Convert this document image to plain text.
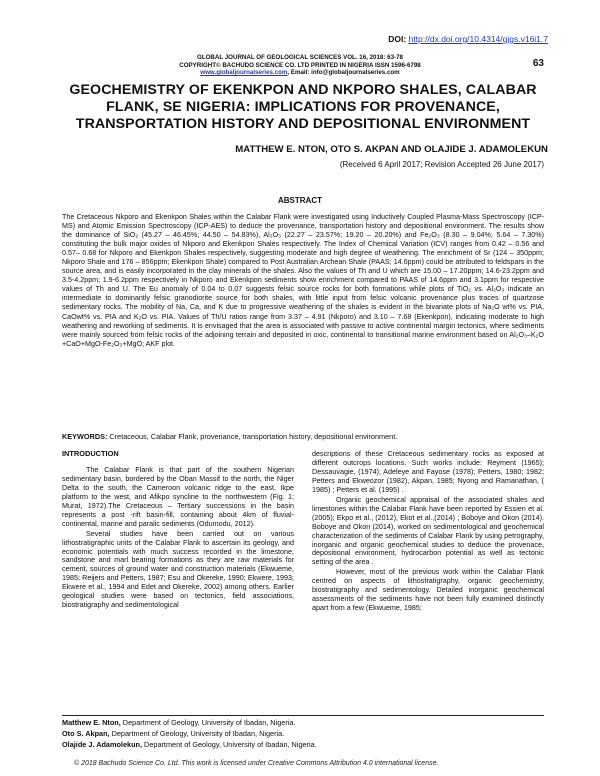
DOI: http://dx.doi.org/10.4314/gjgs.v16i1.7
GLOBAL JOURNAL OF GEOLOGICAL SCIENCES VOL. 16, 2018: 63-78
COPYRIGHT© BACHUDO SCIENCE CO. LTD PRINTED IN NIGERIA ISSN 1596-6798
www.globaljournalseries.com, Email: info@globaljournalseries.com
63
GEOCHEMISTRY OF EKENKPON AND NKPORO SHALES, CALABAR FLANK, SE NIGERIA: IMPLICATIONS FOR PROVENANCE, TRANSPORTATION HISTORY AND DEPOSITIONAL ENVIRONMENT
MATTHEW E. NTON, OTO S. AKPAN AND OLAJIDE J. ADAMOLEKUN
(Received 6 April 2017; Revision Accepted 26 June 2017)
ABSTRACT

The Cretaceous Nkporo and Ekenkpon Shales within the Calabar Flank were investigated using Inductively Coupled Plasma-Mass Spectroscopy (ICP-MS) and Atomic Emission Spectroscopy (ICP-AES) to deduce the provenance, transportation history and depositional environment. The results show the dominance of SiO₂ (45.27 – 46.45%; 44.50 – 54.83%), Al₂O₃ (22.27 – 23.57%; 19.20 – 20.20%) and Fe₂O₃ (8.30 – 9.04%; 5.64 – 7.30%) constituting the bulk major oxides of Nkporo and Ekenkpon Shales respectively. The Index of Chemical Variation (ICV) ranges from 0.42 – 0.56 and 0.57– 0.68 for Nkporo and Ekenkpon Shales respectively, suggesting moderate and high degree of weathering. The enrichment of Sr (124 – 350ppm; Nkporo Shale and 176 – 856ppm; Ekenkpon Shale) compared to Post Australian Archean Shale (PAAS; 14.6ppm) could be attributed to feldspars in the source area, and is easily incorporated in the clay minerals of the shales. Also the values of Th and U which are 15.00 – 17.20ppm; 14.6-23.2ppm and 3.5-4.2ppm; 1.9-6.2ppm respectively in Nkporo and Ekenkpon sediments show enrichment compared to PAAS of 14.6ppm and 3.1ppm for respective values of Th and U. The Eu anomaly of 0.04 to 0.07 suggests felsic source rocks for both formations while plots of TiO₂ vs. Al₂O₃ indicate an intermediate to dominantly felsic granodiorite source for both shales, with little input from felsic volcanic provenance plus traces of quartzose sedimentary rocks. The mobility of Na, Ca, and K due to progressive weathering of the shales is evident in the bivariate plots of Na₂O wt% vs. PIA, CaOwt% vs. PIA and K₂O vs. PIA. Values of Th/U ratios range from 3.37 – 4.91 (Nkporo) and 3.10 – 7.68 (Ekenkpon), indicating moderate to high weathering and reworking of sediments. It is envisaged that the area is associated with passive to active continental margin tectonics, where sediments were mainly sourced from felsic rocks of the adjoining terrain and deposited in oxic, continental to transitional marine environment based on Al₂O₃–K₂O +CaO+MgO-Fe₂O₃+MgO; AKF plot.

KEYWORDS: Cretaceous, Calabar Flank, provenance, transportation history, depositional environment.
INTRODUCTION

The Calabar Flank is that part of the southern Nigerian sedimentary basin, bordered by the Oban Massif to the north, the Niger Delta to the south, the Cameroon volcanic ridge to the east, Ikpe platform to the west, and Afikpo syncline to the northwestern (Fig. 1; Murat, 1972).The Cretaceous – Tertiary successions in the basin represents a post -rift basin-fill, containing about 4km of fluvial-continental, marine and paralic sediments (Odumodu, 2012).

Several studies have been carried out on various lithostratigraphic units of the Calabar Flank to ascertain its geology, and economic potentials with much success recorded in the limestone, sandstone and marl bearing formations as they are raw materials for cement, sources of ground water and construction materials (Ekwueme, 1985; Reijers and Petters, 1987; Esu and Okereke, 1990; Ekwere, 1993; Ekwere et al., 1994 and Edet and Okereke, 2002) among others. Earlier geological studies were based on tectonics, field associations, biostratigraphy and sedimentological

descriptions of these Cretaceous sedimentary rocks as exposed at different outcrops locations. Such works include: Reyment (1965); Dessauvagie, (1974); Adeleye and Fayose (1978); Petters, 1980; 1982; Petters and Ekweozor (1982), Akpan, 1985; Nyong and Ramanathan, ( 1985) ; Petters et al. (1995) .

Organic geochemical appraisal of the associated shales and limestones within the Calabar Flank have been reported by Essien et al. (2005); Ekpo et al., (2012), Ekot et al.,(2014) ; Boboye and Okon (2014). Boboye and Okon (2014), worked on sedimentological and geochemical characterization of the sediments of Calabar Flank by using petrography, inorganic and organic geochemical studies to deduce the provenace, depositional environment, hydrocarbon potential as well as tectonic setting of the area .

However, most of the previous work within the Calabar Flank centred on aspects of lithostratigraphy, organic geochemistry, biostratigraphy and sedimentology. Detailed inorganic geochemical assessments of the sediments have not been fully examined distinctly apart from a few (Ekwueme, 1985;

Matthew E. Nton, Department of Geology, University of Ibadan, Nigeria.
Oto S. Akpan, Department of Geology, University of Ibadan, Nigeria.
Olajide J. Adamolekun, Department of Geology, University of Ibadan, Nigeria.
© 2018 Bachudo Science Co. Ltd. This work is licensed under Creative Commons Attribution 4.0 international license.
